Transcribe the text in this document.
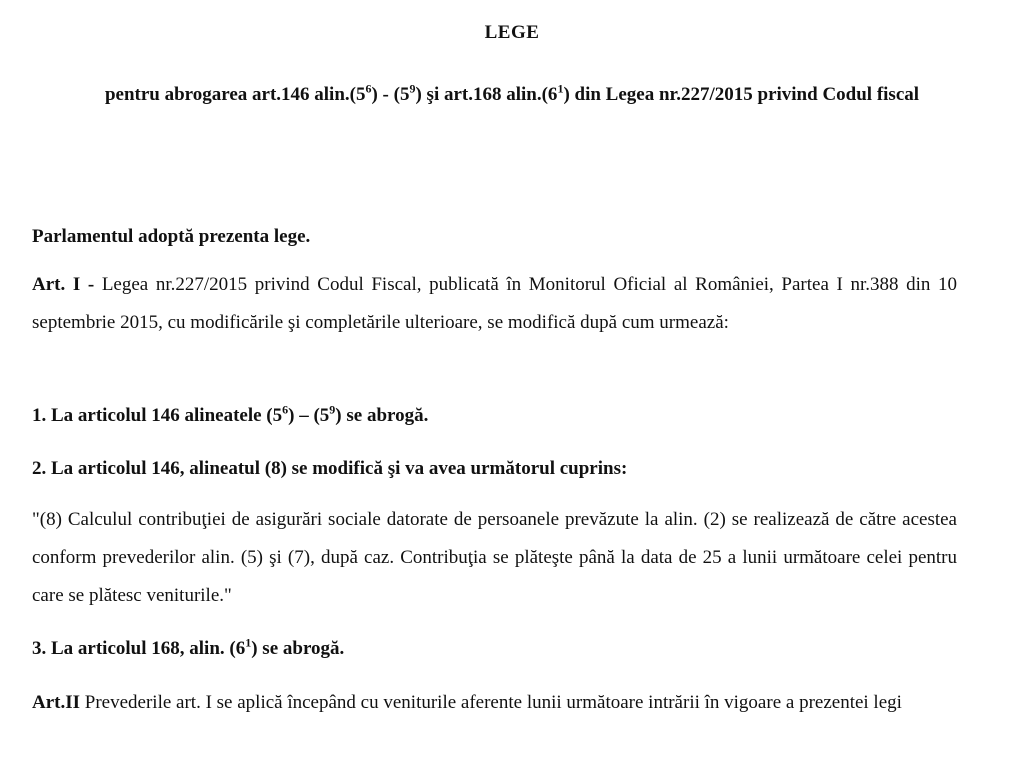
LEGE
pentru abrogarea art.146 $alin.(5^6) - (5^9)$ şi art.168 $alin.(6^1)$ din Legea nr.227/2015 privind Codul fiscal
Parlamentul adoptă prezenta lege.
Art. I - Legea nr.227/2015 privind Codul Fiscal, publicată în Monitorul Oficial al României, Partea I nr.388 din 10 septembrie 2015, cu modificările şi completările ulterioare, se modifică după cum urmează:
1. La articolul 146 alineatele $(5^6) - (5^9)$ se abrogă.
2. La articolul 146, alineatul (8) se modifică şi va avea următorul cuprins:
"(8) Calculul contribuţiei de asigurări sociale datorate de persoanele prevăzute la alin. (2) se realizează de către acestea conform prevederilor alin. (5) şi (7), după caz. Contribuţia se plăteşte până la data de 25 a lunii următoare celei pentru care se plătesc veniturile."
3. La articolul 168, alin. $(6^1)$ se abrogă.
Art.II Prevederile art. I se aplică începând cu veniturile aferente lunii următoare intrării în vigoare a prezentei legi
